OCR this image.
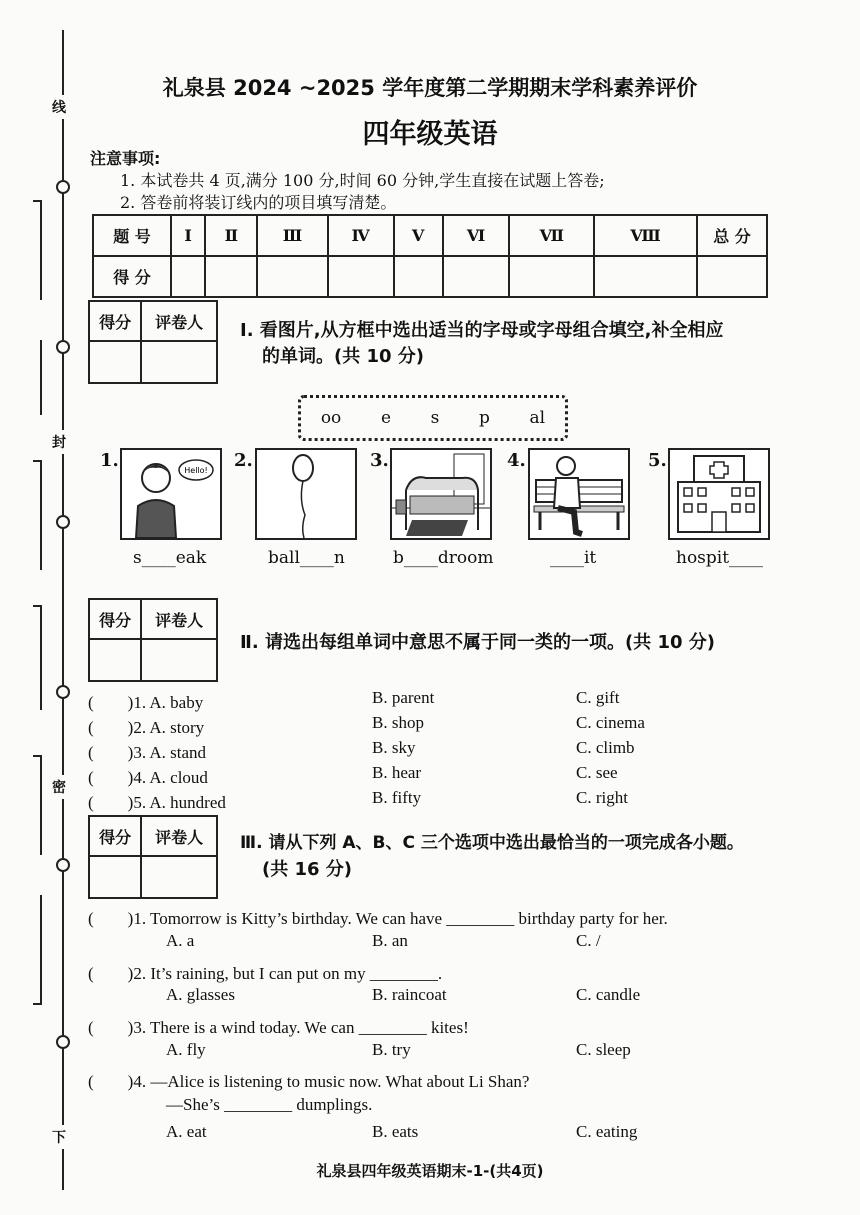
线
封
密
下
礼泉县 2024 ~2025 学年度第二学期期末学科素养评价
四年级英语
注意事项:
1. 本试卷共 4 页,满分 100 分,时间 60 分钟,学生直接在试题上答卷;
2. 答卷前将装订线内的项目填写清楚。
题 号	Ⅰ	Ⅱ	Ⅲ	Ⅳ	Ⅴ	Ⅵ	Ⅶ	Ⅷ	总 分
得 分									
得分	评卷人
	Ⅰ. 看图片,从方框中选出适当的字母或字母组合填空,补全相应
的单词。(共 10 分)
oo e s p al
1.	Hello!
s____eak
2.
ball____n
3.
b____droom
4.
____it
5.
hospit____
得分	评卷人

Ⅱ. 请选出每组单词中意思不属于同一类的一项。(共 10 分)
(　　)1. A. baby	B. parent	C. gift
(　　)2. A. story	B. shop	C. cinema
(　　)3. A. stand	B. sky	C. climb
(　　)4. A. cloud	B. hear	C. see
(　　)5. A. hundred	B. fifty	C. right
得分	评卷人
	Ⅲ. 请从下列 A、B、C 三个选项中选出最恰当的一项完成各小题。
(共 16 分)
(　　)1. Tomorrow is Kitty’s birthday. We can have ________ birthday party for her.
A. a	B. an	C. /
(　　)2. It’s raining, but I can put on my ________.
A. glasses	B. raincoat	C. candle
(　　)3. There is a wind today. We can ________ kites!
A. fly	B. try	C. sleep
(　　)4. —Alice is listening to music now. What about Li Shan?
—She’s ________ dumplings.
A. eat	B. eats	C. eating
礼泉县四年级英语期末-1-(共4页)
